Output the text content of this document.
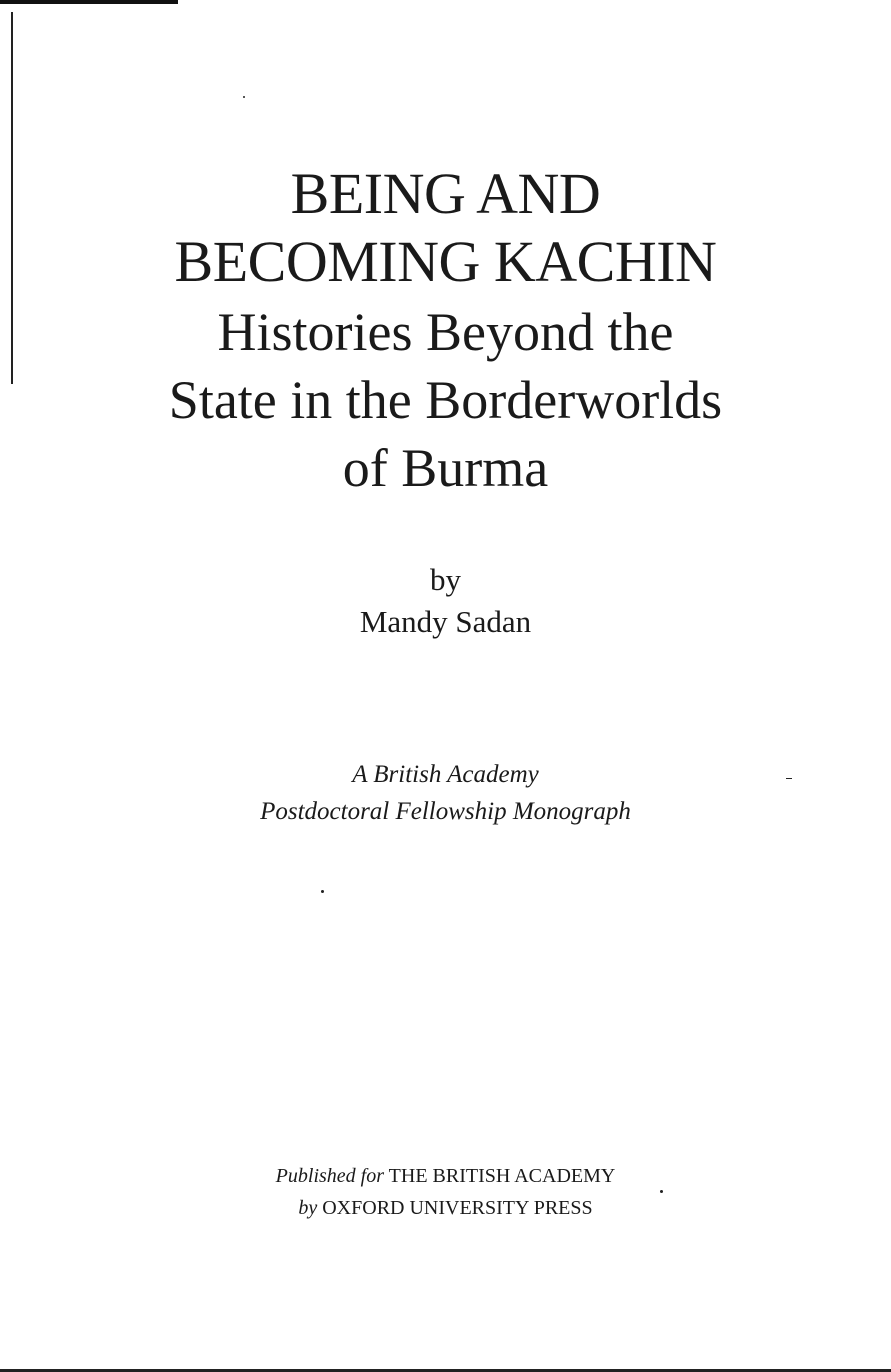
BEING AND
BECOMING KACHIN
Histories Beyond the
State in the Borderworlds
of Burma
by
Mandy Sadan
A British Academy
Postdoctoral Fellowship Monograph
Published for THE BRITISH ACADEMY
by OXFORD UNIVERSITY PRESS
